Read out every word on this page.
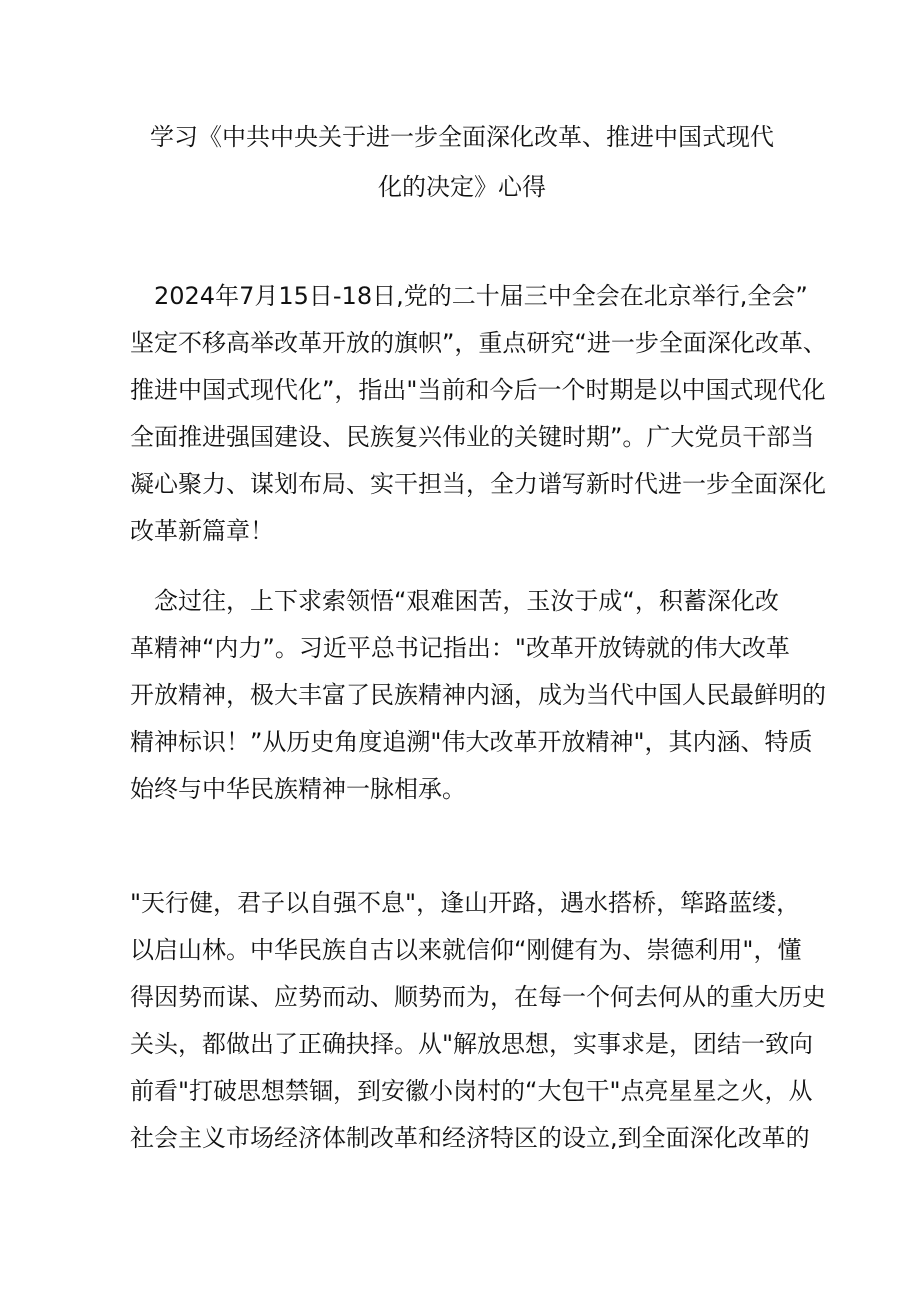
学习《中共中央关于进一步全面深化改革、推进中国式现代
化的决定》心得

　2024年7月15日-18日,党的二十届三中全会在北京举行,全会”
坚定不移高举改革开放的旗帜”，重点研究“进一步全面深化改革、
推进中国式现代化”，指出"当前和今后一个时期是以中国式现代化
全面推进强国建设、民族复兴伟业的关键时期”。广大党员干部当
凝心聚力、谋划布局、实干担当，全力谱写新时代进一步全面深化
改革新篇章！

　念过往，上下求索领悟“艰难困苦，玉汝于成“，积蓄深化改
革精神“内力”。习近平总书记指出："改革开放铸就的伟大改革
开放精神，极大丰富了民族精神内涵，成为当代中国人民最鲜明的
精神标识！”从历史角度追溯"伟大改革开放精神"，其内涵、特质
始终与中华民族精神一脉相承。

"天行健，君子以自强不息"，逢山开路，遇水搭桥，筚路蓝缕，
以启山林。中华民族自古以来就信仰“刚健有为、崇德利用"，懂
得因势而谋、应势而动、顺势而为，在每一个何去何从的重大历史
关头，都做出了正确抉择。从"解放思想，实事求是，团结一致向
前看"打破思想禁锢，到安徽小岗村的“大包干"点亮星星之火，从
社会主义市场经济体制改革和经济特区的设立,到全面深化改革的
